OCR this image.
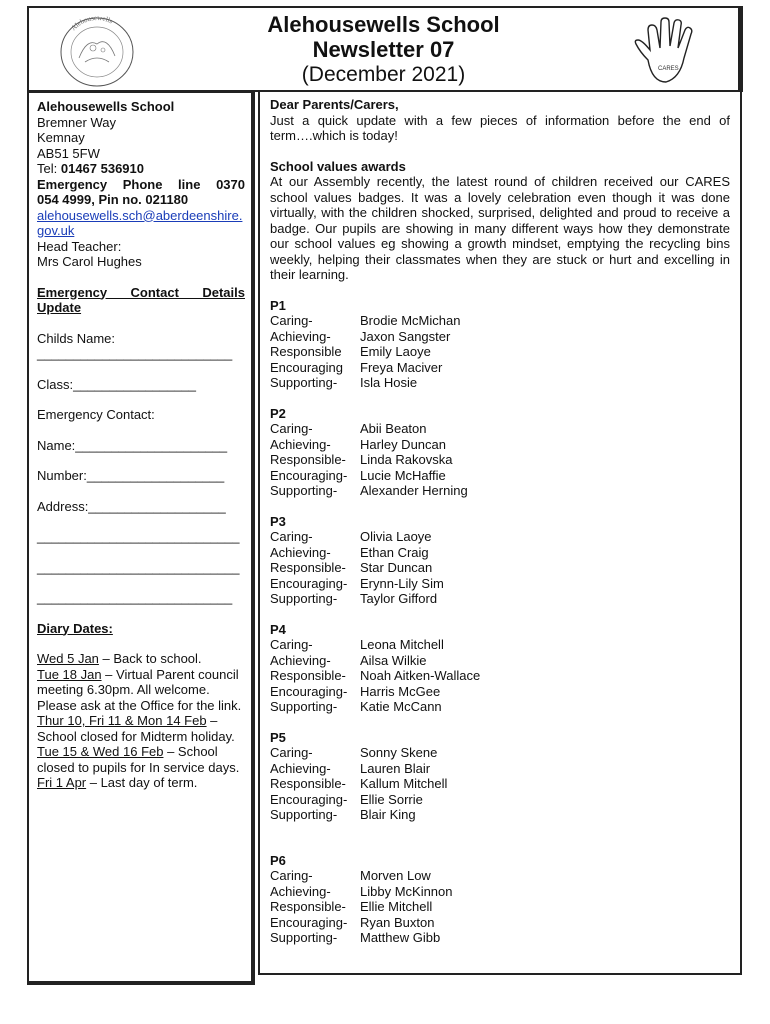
Alehousewells	Alehousewells School
Newsletter 07
(December 2021)	CARES
Alehousewells School
Bremner Way
Kemnay
AB51 5FW
Tel: 01467 536910
Emergency Phone line 0370
054 4999, Pin no. 021180
alehousewells.sch@aberdeenshire.gov.uk
Head Teacher:
Mrs Carol Hughes
Emergency Contact Details
Update
Childs Name:
___________________________
Class:_________________
Emergency Contact:
Name:_____________________
Number:___________________
Address:___________________
____________________________
____________________________
___________________________
Diary Dates:
Wed 5 Jan – Back to school.
Tue 18 Jan – Virtual Parent council meeting 6.30pm. All welcome. Please ask at the Office for the link.
Thur 10, Fri 11 & Mon 14 Feb – School closed for Midterm holiday.
Tue 15 & Wed 16 Feb – School closed to pupils for In service days.
Fri 1 Apr – Last day of term.
Dear Parents/Carers,
Just a quick update with a few pieces of information before the end of term….which is today!
School values awards
At our Assembly recently, the latest round of children received our CARES school values badges. It was a lovely celebration even though it was done virtually, with the children shocked, surprised, delighted and proud to receive a badge. Our pupils are showing in many different ways how they demonstrate our school values eg showing a growth mindset, emptying the recycling bins weekly, helping their classmates when they are stuck or hurt and excelling in their learning.
P1
Caring-	Brodie McMichan
Achieving-	Jaxon Sangster
Responsible	Emily Laoye
Encouraging	Freya Maciver
Supporting-	Isla Hosie
P2
Caring-	Abii Beaton
Achieving-	Harley Duncan
Responsible-	Linda Rakovska
Encouraging- Lucie McHaffie
Supporting-	Alexander Herning
P3
Caring-	Olivia Laoye
Achieving-	Ethan Craig
Responsible-	Star Duncan
Encouraging- Erynn-Lily Sim
Supporting-	Taylor Gifford
P4
Caring-	Leona Mitchell
Achieving-	Ailsa Wilkie
Responsible-	Noah Aitken-Wallace
Encouraging- Harris McGee
Supporting-	Katie McCann
P5
Caring-	Sonny Skene
Achieving-	Lauren Blair
Responsible-	Kallum Mitchell
Encouraging- Ellie Sorrie
Supporting-	Blair King
P6
Caring-	Morven Low
Achieving-	Libby McKinnon
Responsible-	Ellie Mitchell
Encouraging- Ryan Buxton
Supporting-	Matthew Gibb
